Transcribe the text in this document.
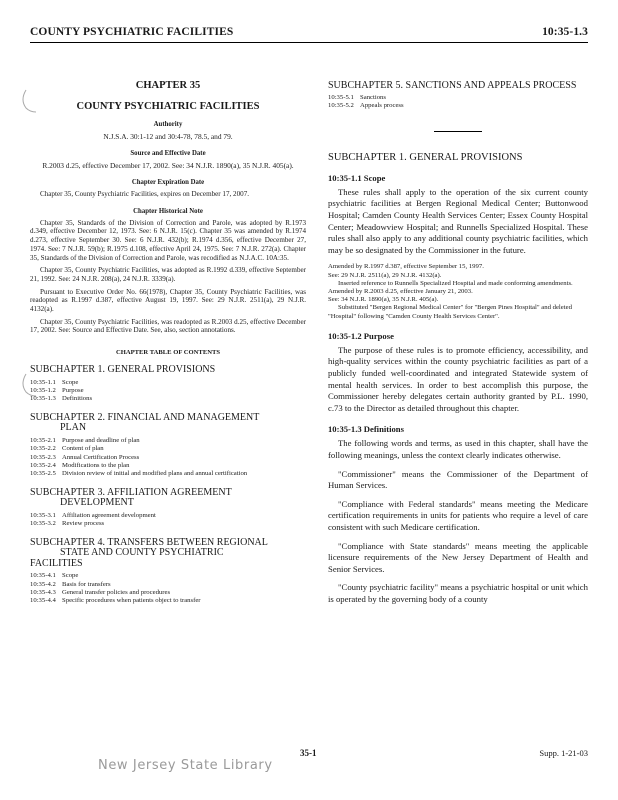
COUNTY PSYCHIATRIC FACILITIES	10:35-1.3
CHAPTER 35
COUNTY PSYCHIATRIC FACILITIES
Authority
N.J.S.A. 30:1-12 and 30:4-78, 78.5, and 79.
Source and Effective Date
R.2003 d.25, effective December 17, 2002. See: 34 N.J.R. 1890(a), 35 N.J.R. 405(a).
Chapter Expiration Date
Chapter 35, County Psychiatric Facilities, expires on December 17, 2007.
Chapter Historical Note
Chapter 35, Standards of the Division of Correction and Parole, was adopted by R.1973 d.349, effective December 12, 1973. See: 6 N.J.R. 15(c). Chapter 35 was amended by R.1974 d.273, effective September 30. See: 6 N.J.R. 432(b); R.1974 d.356, effective December 27, 1974. See: 7 N.J.R. 59(b); R.1975 d.108, effective April 24, 1975. See: 7 N.J.R. 272(a). Chapter 35, Standards of the Division of Correction and Parole, was recodified as N.J.A.C. 10A:35.
Chapter 35, County Psychiatric Facilities, was adopted as R.1992 d.339, effective September 21, 1992. See: 24 N.J.R. 208(a), 24 N.J.R. 3339(a).
Pursuant to Executive Order No. 66(1978), Chapter 35, County Psychiatric Facilities, was readopted as R.1997 d.387, effective August 19, 1997. See: 29 N.J.R. 2511(a), 29 N.J.R. 4132(a).
Chapter 35, County Psychiatric Facilities, was readopted as R.2003 d.25, effective December 17, 2002. See: Source and Effective Date. See, also, section annotations.
CHAPTER TABLE OF CONTENTS
SUBCHAPTER 1. GENERAL PROVISIONS
10:35-1.1 Scope
10:35-1.2 Purpose
10:35-1.3 Definitions
SUBCHAPTER 2. FINANCIAL AND MANAGEMENT
PLAN
10:35-2.1 Purpose and deadline of plan
10:35-2.2 Content of plan
10:35-2.3 Annual Certification Process
10:35-2.4 Modifications to the plan
10:35-2.5 Division review of initial and modified plans and annual certification
SUBCHAPTER 3. AFFILIATION AGREEMENT
DEVELOPMENT
10:35-3.1 Affiliation agreement development
10:35-3.2 Review process
SUBCHAPTER 4. TRANSFERS BETWEEN REGIONAL
STATE AND COUNTY PSYCHIATRIC
FACILITIES
10:35-4.1 Scope
10:35-4.2 Basis for transfers
10:35-4.3 General transfer policies and procedures
10:35-4.4 Specific procedures when patients object to transfer
SUBCHAPTER 5. SANCTIONS AND APPEALS PROCESS
10:35-5.1 Sanctions
10:35-5.2 Appeals process
SUBCHAPTER 1. GENERAL PROVISIONS
10:35-1.1 Scope
These rules shall apply to the operation of the six current county psychiatric facilities at Bergen Regional Medical Center; Buttonwood Hospital; Camden County Health Services Center; Essex County Hospital Center; Meadowview Hospital; and Runnells Specialized Hospital. These rules shall also apply to any additional county psychiatric facilities, which may be so designated by the Commissioner in the future.

Amended by R.1997 d.387, effective September 15, 1997.

See: 29 N.J.R. 2511(a), 29 N.J.R. 4132(a).

Inserted reference to Runnells Specialized Hospital and made conforming amendments.

Amended by R.2003 d.25, effective January 21, 2003.

See: 34 N.J.R. 1890(a), 35 N.J.R. 405(a).

Substituted "Bergen Regional Medical Center" for "Bergen Pines Hospital" and deleted "Hospital" following "Camden County Health Services Center".

10:35-1.2 Purpose
The purpose of these rules is to promote efficiency, accessibility, and high-quality services within the county psychiatric facilities as part of a publicly funded well-coordinated and integrated Statewide system of mental health services. In order to best accomplish this purpose, the Commissioner hereby delegates certain authority granted by P.L. 1990, c.73 to the Director as detailed throughout this chapter.
10:35-1.3 Definitions
The following words and terms, as used in this chapter, shall have the following meanings, unless the context clearly indicates otherwise.
"Commissioner" means the Commissioner of the Department of Human Services.
"Compliance with Federal standards" means meeting the Medicare certification requirements in units for patients who require a level of care consistent with such Medicare certification.
"Compliance with State standards" means meeting the applicable licensure requirements of the New Jersey Department of Health and Senior Services.
"County psychiatric facility" means a psychiatric hospital or unit which is operated by the governing body of a county
35-1	Supp. 1-21-03
New Jersey State Library
